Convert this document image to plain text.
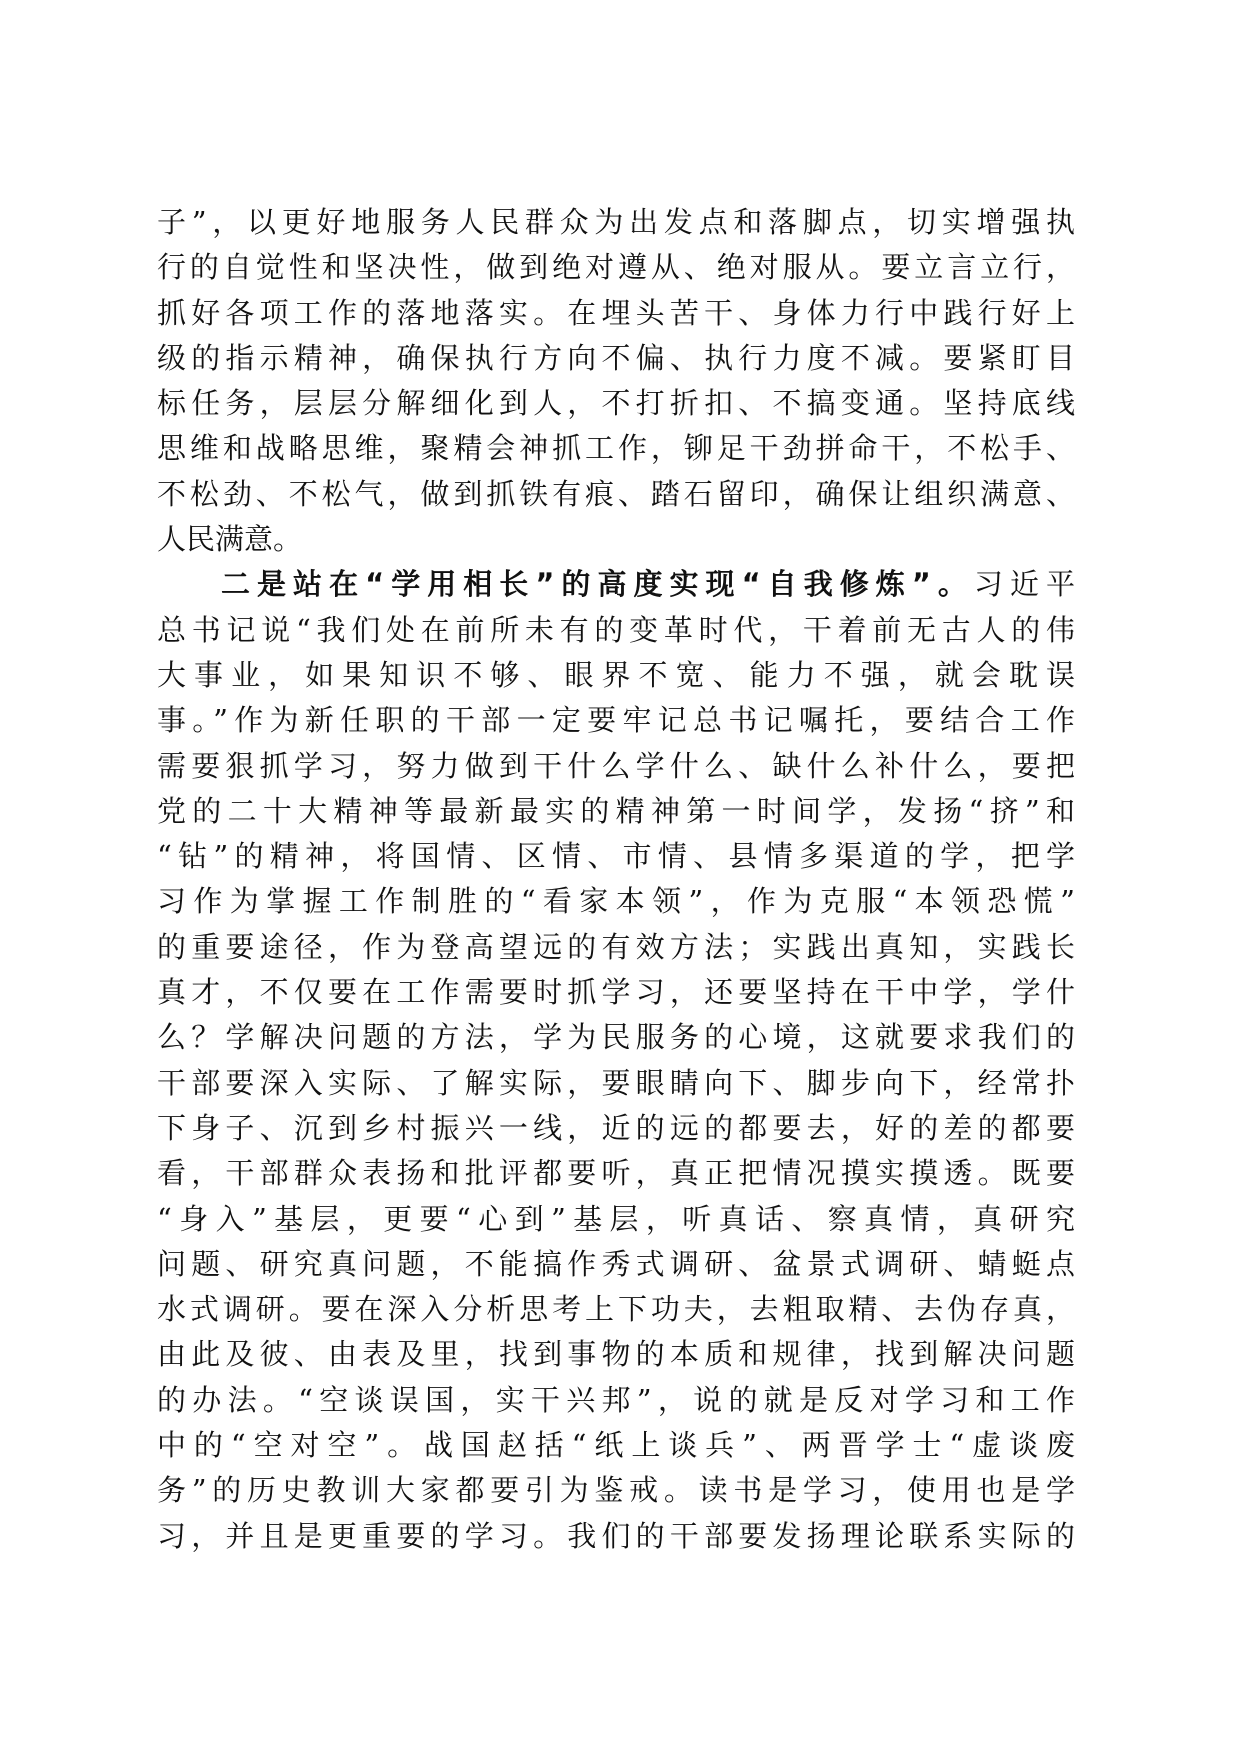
子”，以更好地服务人民群众为出发点和落脚点，切实增强执
行的自觉性和坚决性，做到绝对遵从、绝对服从。要立言立行，
抓好各项工作的落地落实。在埋头苦干、身体力行中践行好上
级的指示精神，确保执行方向不偏、执行力度不减。要紧盯目
标任务，层层分解细化到人，不打折扣、不搞变通。坚持底线
思维和战略思维，聚精会神抓工作，铆足干劲拼命干，不松手、
不松劲、不松气，做到抓铁有痕、踏石留印，确保让组织满意、
人民满意。
二是站在“学用相长”的高度实现“自我修炼”。习近平
总书记说“我们处在前所未有的变革时代，干着前无古人的伟
大事业，如果知识不够、眼界不宽、能力不强，就会耽误
事。”作为新任职的干部一定要牢记总书记嘱托，要结合工作
需要狠抓学习，努力做到干什么学什么、缺什么补什么，要把
党的二十大精神等最新最实的精神第一时间学，发扬“挤”和
“钻”的精神，将国情、区情、市情、县情多渠道的学，把学
习作为掌握工作制胜的“看家本领”，作为克服“本领恐慌”
的重要途径，作为登高望远的有效方法；实践出真知，实践长
真才，不仅要在工作需要时抓学习，还要坚持在干中学，学什
么？学解决问题的方法，学为民服务的心境，这就要求我们的
干部要深入实际、了解实际，要眼睛向下、脚步向下，经常扑
下身子、沉到乡村振兴一线，近的远的都要去，好的差的都要
看，干部群众表扬和批评都要听，真正把情况摸实摸透。既要
“身入”基层，更要“心到”基层，听真话、察真情，真研究
问题、研究真问题，不能搞作秀式调研、盆景式调研、蜻蜓点
水式调研。要在深入分析思考上下功夫，去粗取精、去伪存真，
由此及彼、由表及里，找到事物的本质和规律，找到解决问题
的办法。“空谈误国，实干兴邦”，说的就是反对学习和工作
中的“空对空”。战国赵括“纸上谈兵”、两晋学士“虚谈废
务”的历史教训大家都要引为鉴戒。读书是学习，使用也是学
习，并且是更重要的学习。我们的干部要发扬理论联系实际的
